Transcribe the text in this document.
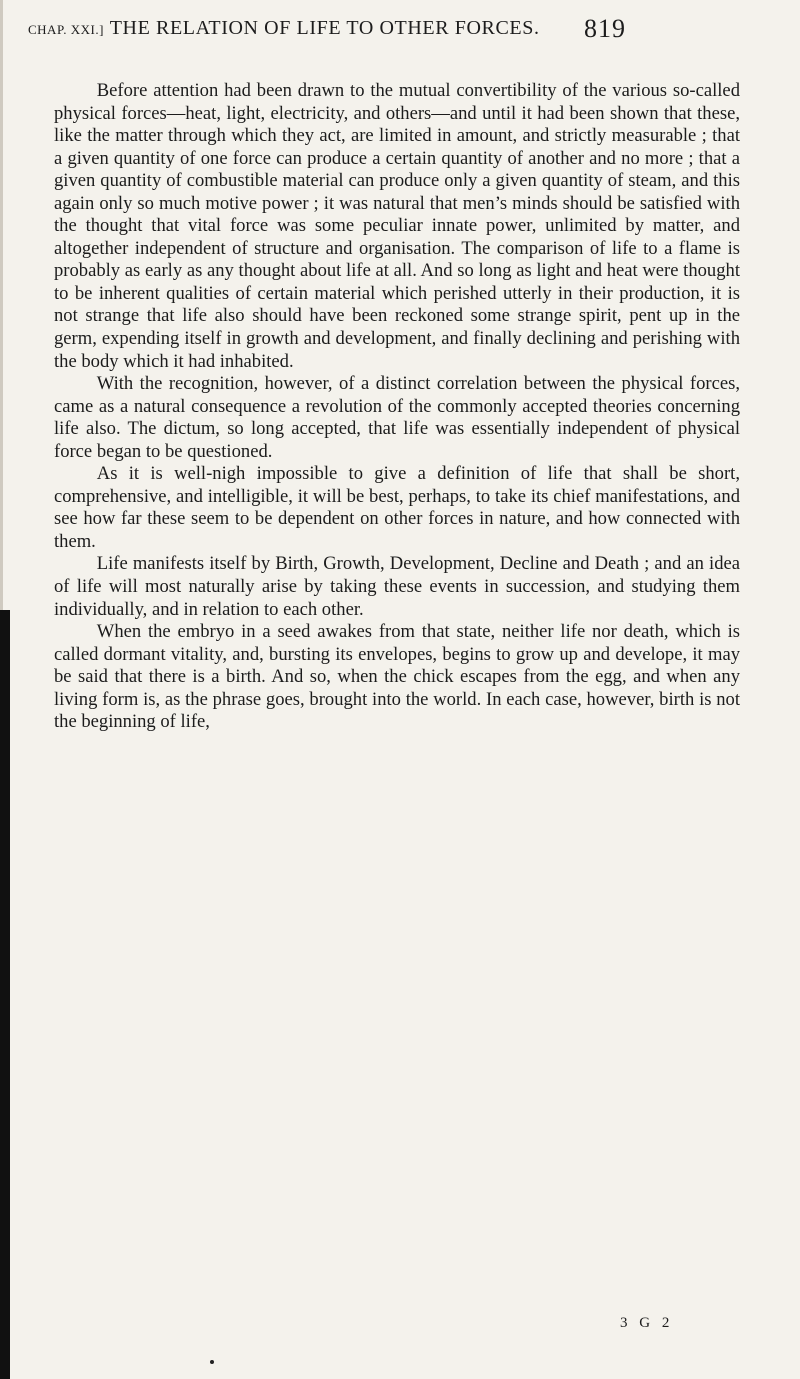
CHAP. XXI.] THE RELATION OF LIFE TO OTHER FORCES. 819

Before attention had been drawn to the mutual convertibility of the various so-called physical forces—heat, light, electricity, and others—and until it had been shown that these, like the matter through which they act, are limited in amount, and strictly measurable ; that a given quantity of one force can produce a certain quantity of another and no more ; that a given quantity of combustible material can produce only a given quantity of steam, and this again only so much motive power ; it was natural that men’s minds should be satisfied with the thought that vital force was some peculiar innate power, unlimited by matter, and altogether independent of structure and organisation. The comparison of life to a flame is probably as early as any thought about life at all. And so long as light and heat were thought to be inherent qualities of certain material which perished utterly in their production, it is not strange that life also should have been reckoned some strange spirit, pent up in the germ, expending itself in growth and development, and finally declining and perishing with the body which it had inhabited.

With the recognition, however, of a distinct correlation between the physical forces, came as a natural consequence a revolution of the commonly accepted theories concerning life also. The dictum, so long accepted, that life was essentially independent of physical force began to be questioned.

As it is well-nigh impossible to give a definition of life that shall be short, comprehensive, and intelligible, it will be best, perhaps, to take its chief manifestations, and see how far these seem to be dependent on other forces in nature, and how connected with them.

Life manifests itself by Birth, Growth, Development, Decline and Death ; and an idea of life will most naturally arise by taking these events in succession, and studying them individually, and in relation to each other.

When the embryo in a seed awakes from that state, neither life nor death, which is called dormant vitality, and, bursting its envelopes, begins to grow up and develope, it may be said that there is a birth. And so, when the chick escapes from the egg, and when any living form is, as the phrase goes, brought into the world. In each case, however, birth is not the beginning of life,

3 G 2
